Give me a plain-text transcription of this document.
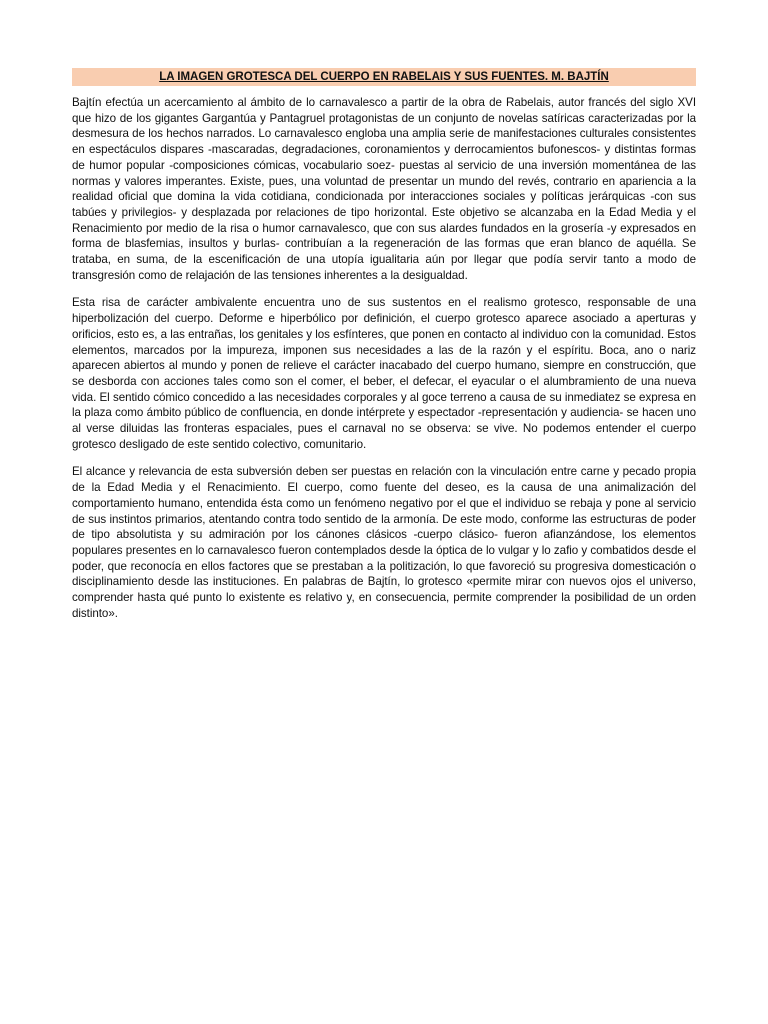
LA IMAGEN GROTESCA DEL CUERPO EN RABELAIS Y SUS FUENTES. M. BAJTÍN

Bajtín efectúa un acercamiento al ámbito de lo carnavalesco a partir de la obra de Rabelais, autor francés del siglo XVI que hizo de los gigantes Gargantúa y Pantagruel protagonistas de un conjunto de novelas satíricas caracterizadas por la desmesura de los hechos narrados. Lo carnavalesco engloba una amplia serie de manifestaciones culturales consistentes en espectáculos dispares -mascaradas, degradaciones, coronamientos y derrocamientos bufonescos- y distintas formas de humor popular -composiciones cómicas, vocabulario soez- puestas al servicio de una inversión momentánea de las normas y valores imperantes. Existe, pues, una voluntad de presentar un mundo del revés, contrario en apariencia a la realidad oficial que domina la vida cotidiana, condicionada por interacciones sociales y políticas jerárquicas -con sus tabúes y privilegios- y desplazada por relaciones de tipo horizontal. Este objetivo se alcanzaba en la Edad Media y el Renacimiento por medio de la risa o humor carnavalesco, que con sus alardes fundados en la grosería -y expresados en forma de blasfemias, insultos y burlas- contribuían a la regeneración de las formas que eran blanco de aquélla. Se trataba, en suma, de la escenificación de una utopía igualitaria aún por llegar que podía servir tanto a modo de transgresión como de relajación de las tensiones inherentes a la desigualdad.

Esta risa de carácter ambivalente encuentra uno de sus sustentos en el realismo grotesco, responsable de una hiperbolización del cuerpo. Deforme e hiperbólico por definición, el cuerpo grotesco aparece asociado a aperturas y orificios, esto es, a las entrañas, los genitales y los esfínteres, que ponen en contacto al individuo con la comunidad. Estos elementos, marcados por la impureza, imponen sus necesidades a las de la razón y el espíritu. Boca, ano o nariz aparecen abiertos al mundo y ponen de relieve el carácter inacabado del cuerpo humano, siempre en construcción, que se desborda con acciones tales como son el comer, el beber, el defecar, el eyacular o el alumbramiento de una nueva vida. El sentido cómico concedido a las necesidades corporales y al goce terreno a causa de su inmediatez se expresa en la plaza como ámbito público de confluencia, en donde intérprete y espectador -representación y audiencia- se hacen uno al verse diluidas las fronteras espaciales, pues el carnaval no se observa: se vive. No podemos entender el cuerpo grotesco desligado de este sentido colectivo, comunitario.

El alcance y relevancia de esta subversión deben ser puestas en relación con la vinculación entre carne y pecado propia de la Edad Media y el Renacimiento. El cuerpo, como fuente del deseo, es la causa de una animalización del comportamiento humano, entendida ésta como un fenómeno negativo por el que el individuo se rebaja y pone al servicio de sus instintos primarios, atentando contra todo sentido de la armonía. De este modo, conforme las estructuras de poder de tipo absolutista y su admiración por los cánones clásicos -cuerpo clásico- fueron afianzándose, los elementos populares presentes en lo carnavalesco fueron contemplados desde la óptica de lo vulgar y lo zafio y combatidos desde el poder, que reconocía en ellos factores que se prestaban a la politización, lo que favoreció su progresiva domesticación o disciplinamiento desde las instituciones. En palabras de Bajtín, lo grotesco «permite mirar con nuevos ojos el universo, comprender hasta qué punto lo existente es relativo y, en consecuencia, permite comprender la posibilidad de un orden distinto».
